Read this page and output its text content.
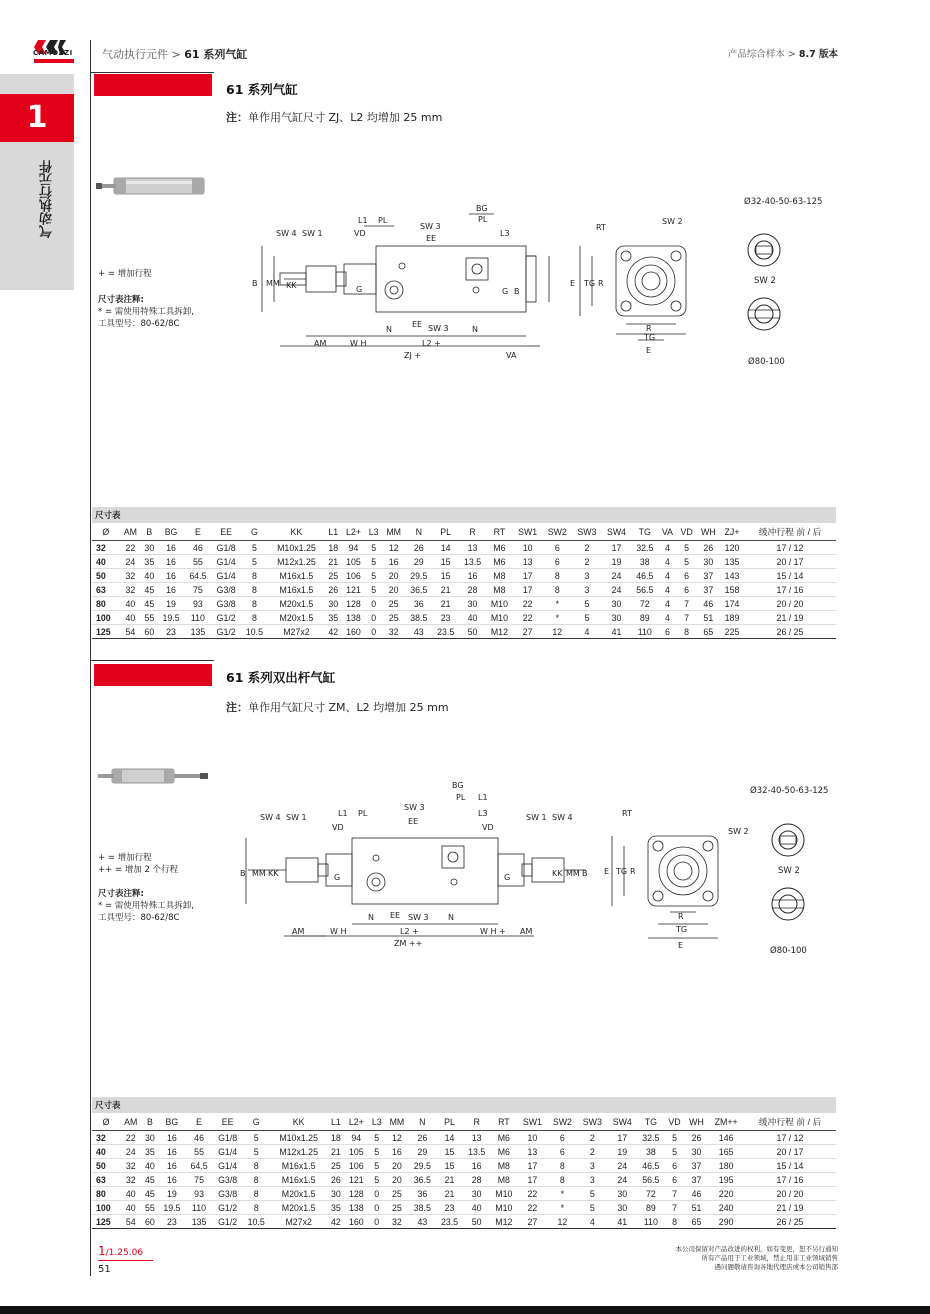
CAMOZZI	气动执行元件 > 61 系列气缸	产品综合样本 > 8.7 版本
1
气动执行元件
61 系列气缸
注：单作用气缸尺寸 ZJ、L2 均增加 25 mm
+ = 增加行程
尺寸表注释:
* = 需使用特殊工具拆卸,
工具型号：80-62/8C
SW 4 SW 1
L1 PL
SW 3
EE
BG
PL
L3
VD
B MM KK	G	G B
EE SW 3
N	N
L2 +
AM	W H
ZJ +	VA
RT
SW 2
E TG R
R
TG
E
Ø32-40-50-63-125
SW 2
Ø80-100
尺寸表
Ø	AM	B	BG	E	EE	G	KK	L1	L2+	L3	MM	N	PL	R	RT	SW1	SW2	SW3	SW4	TG	VA	VD	WH	ZJ+	缓冲行程 前 / 后
32	22	30	16	46	G1/8	5	M10x1.25	18	94	5	12	26	14	13	M6	10	6	2	17	32.5	4	5	26	120	17 / 12
40	24	35	16	55	G1/4	5	M12x1.25	21	105	5	16	29	15	13.5	M6	13	6	2	19	38	4	5	30	135	20 / 17
50	32	40	16	64.5	G1/4	8	M16x1.5	25	106	5	20	29.5	15	16	M8	17	8	3	24	46.5	4	6	37	143	15 / 14
63	32	45	16	75	G3/8	8	M16x1.5	26	121	5	20	36.5	21	28	M8	17	8	3	24	56.5	4	6	37	158	17 / 16
80	40	45	19	93	G3/8	8	M20x1.5	30	128	0	25	36	21	30	M10	22	*	5	30	72	4	7	46	174	20 / 20
100	40	55	19.5	110	G1/2	8	M20x1.5	35	138	0	25	38.5	23	40	M10	22	*	5	30	89	4	7	51	189	21 / 19
125	54	60	23	135	G1/2	10.5	M27x2	42	160	0	32	43	23.5	50	M12	27	12	4	41	110	6	8	65	225	26 / 25
61 系列双出杆气缸
注：单作用气缸尺寸 ZM、L2 均增加 25 mm
+ = 增加行程
++ = 增加 2 个行程
尺寸表注释:
* = 需使用特殊工具拆卸,
工具型号：80-62/8C
SW 4 SW 1	L1 PL
SW 3
EE
BG
PL L1
L3
VD	VD
SW 1 SW 4
B MM KK	G	G	KK MM B
EE SW 3
N	N
L2 +
AM	W H	W H + AM
ZM ++
RT
SW 2
E TG R
R
TG
E
Ø32-40-50-63-125
SW 2
Ø80-100
尺寸表
Ø	AM	B	BG	E	EE	G	KK	L1	L2+	L3	MM	N	PL	R	RT	SW1	SW2	SW3	SW4	TG	VD	WH	ZM++	缓冲行程 前 / 后
32	22	30	16	46	G1/8	5	M10x1.25	18	94	5	12	26	14	13	M6	10	6	2	17	32.5	5	26	146	17 / 12
40	24	35	16	55	G1/4	5	M12x1.25	21	105	5	16	29	15	13.5	M6	13	6	2	19	38	5	30	165	20 / 17
50	32	40	16	64.5	G1/4	8	M16x1.5	25	106	5	20	29.5	15	16	M8	17	8	3	24	46.5	6	37	180	15 / 14
63	32	45	16	75	G3/8	8	M16x1.5	26	121	5	20	36.5	21	28	M8	17	8	3	24	56.5	6	37	195	17 / 16
80	40	45	19	93	G3/8	8	M20x1.5	30	128	0	25	36	21	30	M10	22	*	5	30	72	7	46	220	20 / 20
100	40	55	19.5	110	G1/2	8	M20x1.5	35	138	0	25	38.5	23	40	M10	22	*	5	30	89	7	51	240	21 / 19
125	54	60	23	135	G1/2	10.5	M27x2	42	160	0	32	43	23.5	50	M12	27	12	4	41	110	8	65	290	26 / 25
1/1.25.06
51
本公司保留对产品改进的权利，如有变更，恕不另行通知
所有产品用于工业领域，禁止用非工业领域销售
遇问题敬请咨询各地代理店或本公司销售部
